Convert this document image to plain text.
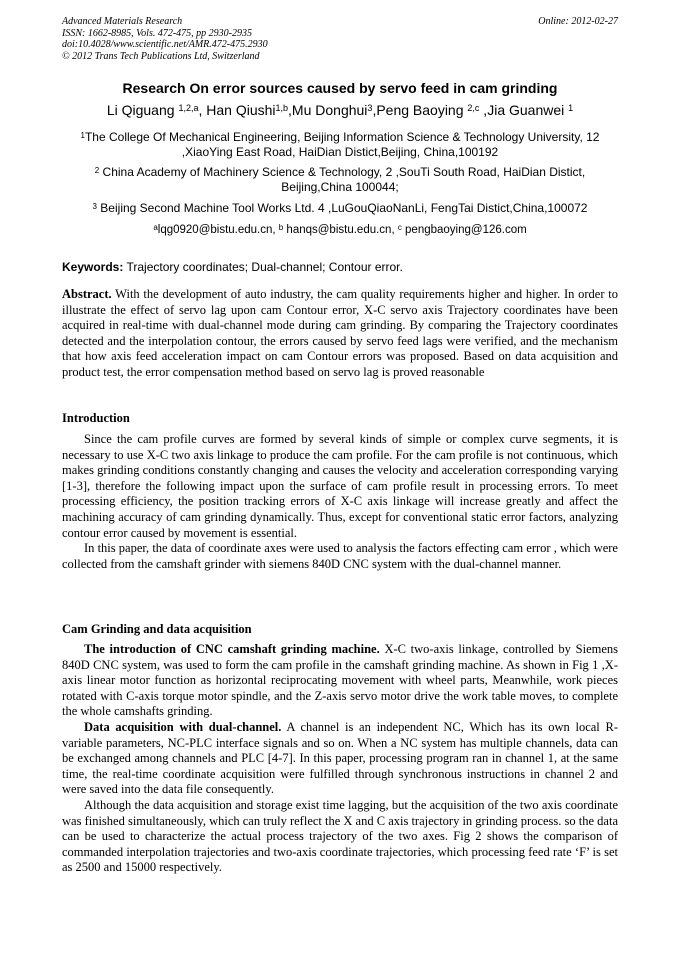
Advanced Materials Research
ISSN: 1662-8985, Vols. 472-475, pp 2930-2935
doi:10.4028/www.scientific.net/AMR.472-475.2930
© 2012 Trans Tech Publications Ltd, Switzerland
Online: 2012-02-27
Research On error sources caused by servo feed in cam grinding
Li Qiguang $^{1,2,a}$, Han Qiushi$^{1,b}$,Mu Donghui$^3$,Peng Baoying $^{2,c}$ ,Jia Guanwei $^1$
$^1$The College Of Mechanical Engineering, Beijing Information Science & Technology University, 12 ,XiaoYing East Road, HaiDian Distict,Beijing, China,100192
$^2$ China Academy of Machinery Science & Technology, 2 ,SouTi South Road, HaiDian Distict, Beijing,China 100044;
$^3$ Beijing Second Machine Tool Works Ltd. 4 ,LuGouQiaoNanLi, FengTai Distict,China,100072
$^a$lqg0920@bistu.edu.cn, $^b$ hanqs@bistu.edu.cn, $^c$ pengbaoying@126.com
Keywords: Trajectory coordinates; Dual-channel; Contour error.

Abstract. With the development of auto industry, the cam quality requirements higher and higher. In order to illustrate the effect of servo lag upon cam Contour error, X-C servo axis Trajectory coordinates have been acquired in real-time with dual-channel mode during cam grinding. By comparing the Trajectory coordinates detected and the interpolation contour, the errors caused by servo feed lags were verified, and the mechanism that how axis feed acceleration impact on cam Contour errors was proposed. Based on data acquisition and product test, the error compensation method based on servo lag is proved reasonable

Introduction

Since the cam profile curves are formed by several kinds of simple or complex curve segments, it is necessary to use X-C two axis linkage to produce the cam profile. For the cam profile is not continuous, which makes grinding conditions constantly changing and causes the velocity and acceleration corresponding varying [1-3], therefore the following impact upon the surface of cam profile result in processing errors. To meet processing efficiency, the position tracking errors of X-C axis linkage will increase greatly and affect the machining accuracy of cam grinding dynamically. Thus, except for conventional static error factors, analyzing contour error caused by movement is essential.

In this paper, the data of coordinate axes were used to analysis the factors effecting cam error , which were collected from the camshaft grinder with siemens 840D CNC system with the dual-channel manner.

Cam Grinding and data acquisition

The introduction of CNC camshaft grinding machine. X-C two-axis linkage, controlled by Siemens 840D CNC system, was used to form the cam profile in the camshaft grinding machine. As shown in Fig 1 ,X-axis linear motor function as horizontal reciprocating movement with wheel parts, Meanwhile, work pieces rotated with C-axis torque motor spindle, and the Z-axis servo motor drive the work table moves, to complete the whole camshafts grinding.

Data acquisition with dual-channel. A channel is an independent NC, Which has its own local R-variable parameters, NC-PLC interface signals and so on. When a NC system has multiple channels, data can be exchanged among channels and PLC [4-7]. In this paper, processing program ran in channel 1, at the same time, the real-time coordinate acquisition were fulfilled through synchronous instructions in channel 2 and were saved into the data file consequently.

Although the data acquisition and storage exist time lagging, but the acquisition of the two axis coordinate was finished simultaneously, which can truly reflect the X and C axis trajectory in grinding process. so the data can be used to characterize the actual process trajectory of the two axes. Fig 2 shows the comparison of commanded interpolation trajectories and two-axis coordinate trajectories, which processing feed rate ‘F’ is set as 2500 and 15000 respectively.
